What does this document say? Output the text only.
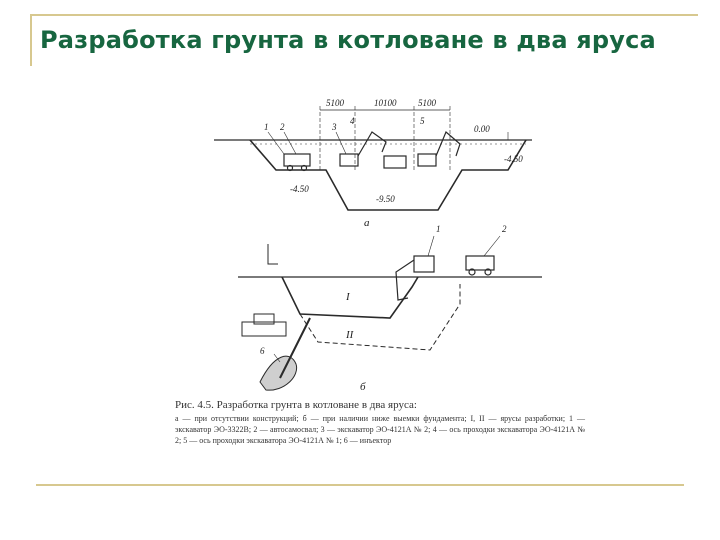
Разработка грунта в котловане в два яруса
5100	10100 5100
0.00
-4.50
-4.50
-9.50
1 2	3
4	5
а	1	2
6
I
II
б
Рис. 4.5. Разработка грунта в котловане в два яруса:
а — при отсутствии конструкций; б — при наличии ниже выемки фундамента; I, II — ярусы разработки; 1 — экскаватор ЭО-3322В; 2 — автосамосвал; 3 — экскаватор ЭО-4121А № 2; 4 — ось проходки экскаватора ЭО-4121А № 2; 5 — ось проходки экскаватора ЭО-4121А № 1; 6 — инъектор
